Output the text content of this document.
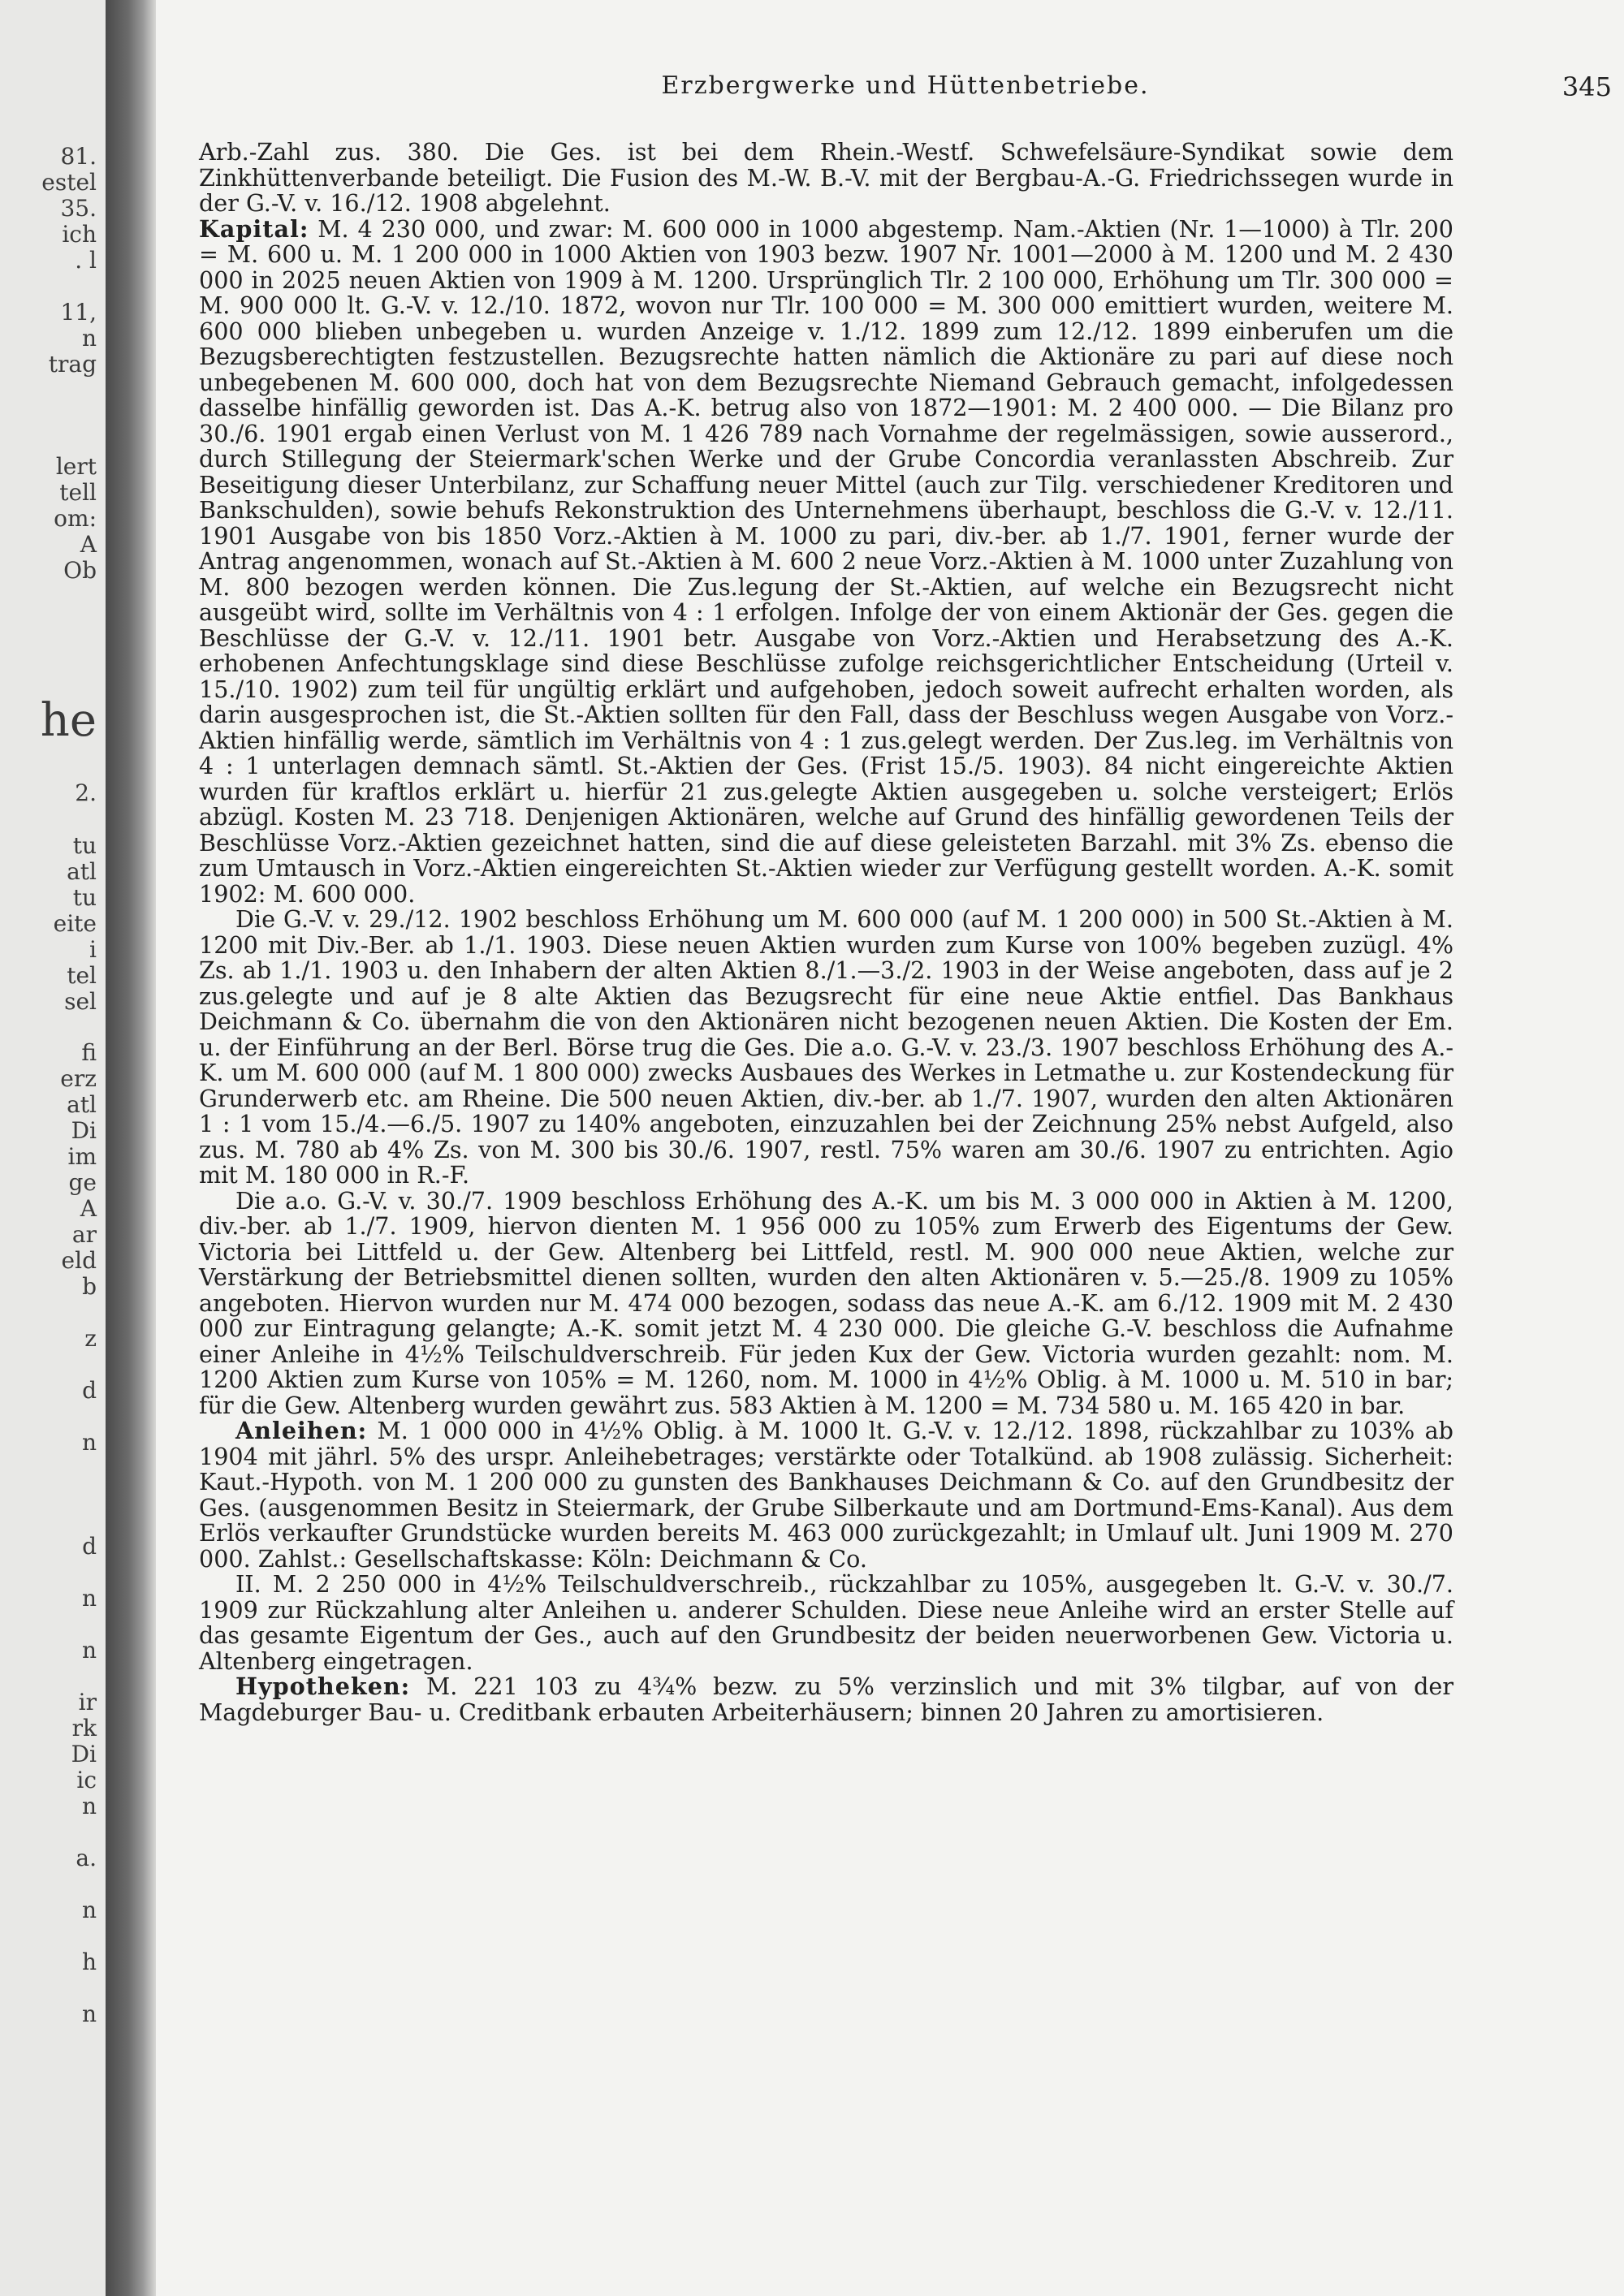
81.
estel
35.
ich
. l
11,
n
trag
lert
tell
om:
A
Ob
he
2.
tu
atl
tu
eite
i
tel
sel
fi
erz
atl
Di
im
ge
A
ar
eld
b
z
d
n
d
n
n
ir
rk
Di
ic
n
a.
n
h
n
Erzbergwerke und Hüttenbetriebe.	345

Arb.-Zahl zus. 380. Die Ges. ist bei dem Rhein.-Westf. Schwefelsäure-Syndikat sowie dem Zinkhüttenverbande beteiligt. Die Fusion des M.-W. B.-V. mit der Bergbau-A.-G. Friedrichssegen wurde in der G.-V. v. 16./12. 1908 abgelehnt.

Kapital: M. 4 230 000, und zwar: M. 600 000 in 1000 abgestemp. Nam.-Aktien (Nr. 1—1000) à Tlr. 200 = M. 600 u. M. 1 200 000 in 1000 Aktien von 1903 bezw. 1907 Nr. 1001—2000 à M. 1200 und M. 2 430 000 in 2025 neuen Aktien von 1909 à M. 1200. Ursprünglich Tlr. 2 100 000, Erhöhung um Tlr. 300 000 = M. 900 000 lt. G.-V. v. 12./10. 1872, wovon nur Tlr. 100 000 = M. 300 000 emittiert wurden, weitere M. 600 000 blieben unbegeben u. wurden Anzeige v. 1./12. 1899 zum 12./12. 1899 einberufen um die Bezugsberechtigten festzustellen. Bezugsrechte hatten nämlich die Aktionäre zu pari auf diese noch unbegebenen M. 600 000, doch hat von dem Bezugsrechte Niemand Gebrauch gemacht, infolgedessen dasselbe hinfällig geworden ist. Das A.-K. betrug also von 1872—1901: M. 2 400 000. — Die Bilanz pro 30./6. 1901 ergab einen Verlust von M. 1 426 789 nach Vornahme der regelmässigen, sowie ausserord., durch Stillegung der Steiermark'schen Werke und der Grube Concordia veranlassten Abschreib. Zur Beseitigung dieser Unterbilanz, zur Schaffung neuer Mittel (auch zur Tilg. verschiedener Kreditoren und Bankschulden), sowie behufs Rekonstruktion des Unternehmens überhaupt, beschloss die G.-V. v. 12./11. 1901 Ausgabe von bis 1850 Vorz.-Aktien à M. 1000 zu pari, div.-ber. ab 1./7. 1901, ferner wurde der Antrag angenommen, wonach auf St.-Aktien à M. 600 2 neue Vorz.-Aktien à M. 1000 unter Zuzahlung von M. 800 bezogen werden können. Die Zus.legung der St.-Aktien, auf welche ein Bezugsrecht nicht ausgeübt wird, sollte im Verhältnis von 4 : 1 erfolgen. Infolge der von einem Aktionär der Ges. gegen die Beschlüsse der G.-V. v. 12./11. 1901 betr. Ausgabe von Vorz.-Aktien und Herabsetzung des A.-K. erhobenen Anfechtungsklage sind diese Beschlüsse zufolge reichsgerichtlicher Entscheidung (Urteil v. 15./10. 1902) zum teil für ungültig erklärt und aufgehoben, jedoch soweit aufrecht erhalten worden, als darin ausgesprochen ist, die St.-Aktien sollten für den Fall, dass der Beschluss wegen Ausgabe von Vorz.-Aktien hinfällig werde, sämtlich im Verhältnis von 4 : 1 zus.gelegt werden. Der Zus.leg. im Verhältnis von 4 : 1 unterlagen demnach sämtl. St.-Aktien der Ges. (Frist 15./5. 1903). 84 nicht eingereichte Aktien wurden für kraftlos erklärt u. hierfür 21 zus.gelegte Aktien ausgegeben u. solche versteigert; Erlös abzügl. Kosten M. 23 718. Denjenigen Aktionären, welche auf Grund des hinfällig gewordenen Teils der Beschlüsse Vorz.-Aktien gezeichnet hatten, sind die auf diese geleisteten Barzahl. mit 3% Zs. ebenso die zum Umtausch in Vorz.-Aktien eingereichten St.-Aktien wieder zur Verfügung gestellt worden. A.-K. somit 1902: M. 600 000.

Die G.-V. v. 29./12. 1902 beschloss Erhöhung um M. 600 000 (auf M. 1 200 000) in 500 St.-Aktien à M. 1200 mit Div.-Ber. ab 1./1. 1903. Diese neuen Aktien wurden zum Kurse von 100% begeben zuzügl. 4% Zs. ab 1./1. 1903 u. den Inhabern der alten Aktien 8./1.—3./2. 1903 in der Weise angeboten, dass auf je 2 zus.gelegte und auf je 8 alte Aktien das Bezugsrecht für eine neue Aktie entfiel. Das Bankhaus Deichmann & Co. übernahm die von den Aktionären nicht bezogenen neuen Aktien. Die Kosten der Em. u. der Einführung an der Berl. Börse trug die Ges. Die a.o. G.-V. v. 23./3. 1907 beschloss Erhöhung des A.-K. um M. 600 000 (auf M. 1 800 000) zwecks Ausbaues des Werkes in Letmathe u. zur Kostendeckung für Grunderwerb etc. am Rheine. Die 500 neuen Aktien, div.-ber. ab 1./7. 1907, wurden den alten Aktionären 1 : 1 vom 15./4.—6./5. 1907 zu 140% angeboten, einzuzahlen bei der Zeichnung 25% nebst Aufgeld, also zus. M. 780 ab 4% Zs. von M. 300 bis 30./6. 1907, restl. 75% waren am 30./6. 1907 zu entrichten. Agio mit M. 180 000 in R.-F.

Die a.o. G.-V. v. 30./7. 1909 beschloss Erhöhung des A.-K. um bis M. 3 000 000 in Aktien à M. 1200, div.-ber. ab 1./7. 1909, hiervon dienten M. 1 956 000 zu 105% zum Erwerb des Eigentums der Gew. Victoria bei Littfeld u. der Gew. Altenberg bei Littfeld, restl. M. 900 000 neue Aktien, welche zur Verstärkung der Betriebsmittel dienen sollten, wurden den alten Aktionären v. 5.—25./8. 1909 zu 105% angeboten. Hiervon wurden nur M. 474 000 bezogen, sodass das neue A.-K. am 6./12. 1909 mit M. 2 430 000 zur Eintragung gelangte; A.-K. somit jetzt M. 4 230 000. Die gleiche G.-V. beschloss die Aufnahme einer Anleihe in 4½% Teilschuldverschreib. Für jeden Kux der Gew. Victoria wurden gezahlt: nom. M. 1200 Aktien zum Kurse von 105% = M. 1260, nom. M. 1000 in 4½% Oblig. à M. 1000 u. M. 510 in bar; für die Gew. Altenberg wurden gewährt zus. 583 Aktien à M. 1200 = M. 734 580 u. M. 165 420 in bar.

Anleihen: M. 1 000 000 in 4½% Oblig. à M. 1000 lt. G.-V. v. 12./12. 1898, rückzahlbar zu 103% ab 1904 mit jährl. 5% des urspr. Anleihebetrages; verstärkte oder Totalkünd. ab 1908 zulässig. Sicherheit: Kaut.-Hypoth. von M. 1 200 000 zu gunsten des Bankhauses Deichmann & Co. auf den Grundbesitz der Ges. (ausgenommen Besitz in Steiermark, der Grube Silberkaute und am Dortmund-Ems-Kanal). Aus dem Erlös verkaufter Grundstücke wurden bereits M. 463 000 zurückgezahlt; in Umlauf ult. Juni 1909 M. 270 000. Zahlst.: Gesellschaftskasse: Köln: Deichmann & Co.

II. M. 2 250 000 in 4½% Teilschuldverschreib., rückzahlbar zu 105%, ausgegeben lt. G.-V. v. 30./7. 1909 zur Rückzahlung alter Anleihen u. anderer Schulden. Diese neue Anleihe wird an erster Stelle auf das gesamte Eigentum der Ges., auch auf den Grundbesitz der beiden neuerworbenen Gew. Victoria u. Altenberg eingetragen.

Hypotheken: M. 221 103 zu 4¾% bezw. zu 5% verzinslich und mit 3% tilgbar, auf von der Magdeburger Bau- u. Creditbank erbauten Arbeiterhäusern; binnen 20 Jahren zu amortisieren.
